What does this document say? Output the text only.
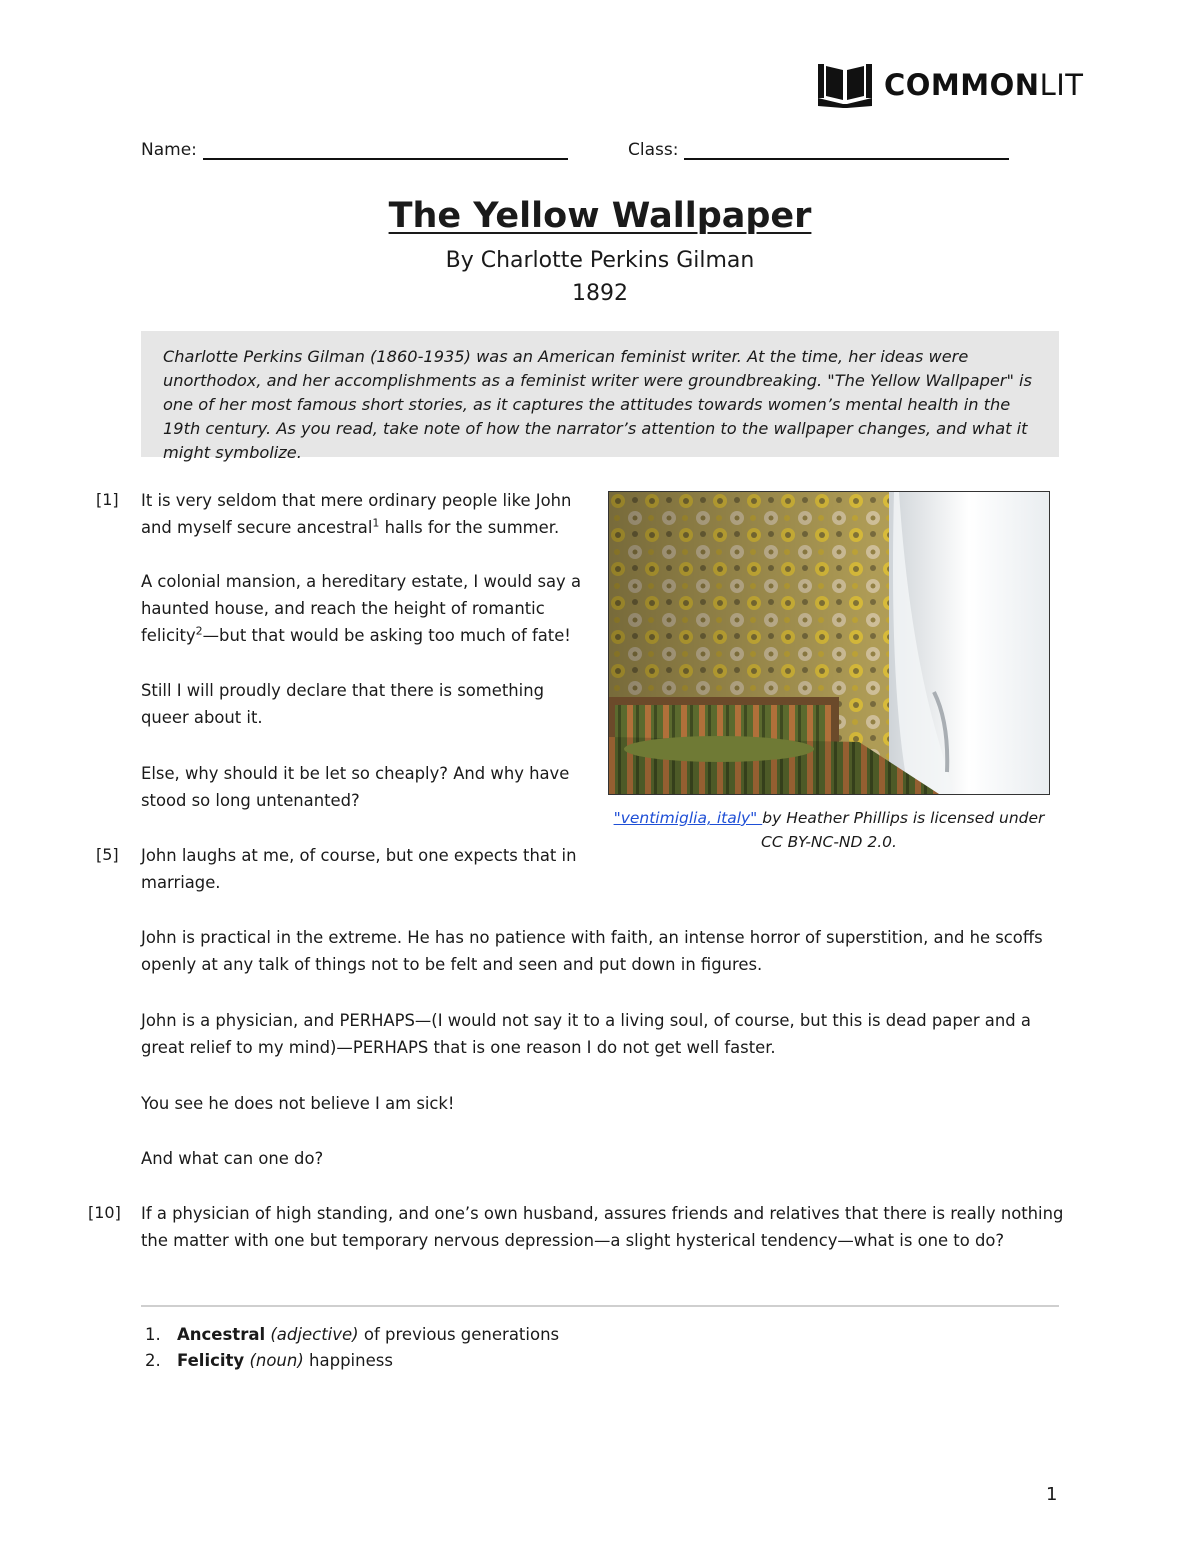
COMMONLIT
Name:	Class:
The Yellow Wallpaper
By Charlotte Perkins Gilman
1892
Charlotte Perkins Gilman (1860-1935) was an American feminist writer. At the time, her ideas were unorthodox, and her accomplishments as a feminist writer were groundbreaking. "The Yellow Wallpaper" is one of her most famous short stories, as it captures the attitudes towards women’s mental health in the 19th century. As you read, take note of how the narrator’s attention to the wallpaper changes, and what it might symbolize.
[1]
[5]
[10]
It is very seldom that mere ordinary people like John
and myself secure ancestral$^1$ halls for the summer.
A colonial mansion, a hereditary estate, I would say a
haunted house, and reach the height of romantic
felicity$^2$—but that would be asking too much of fate!
Still I will proudly declare that there is something
queer about it.
Else, why should it be let so cheaply? And why have
stood so long untenanted?
John laughs at me, of course, but one expects that in
marriage.
John is practical in the extreme. He has no patience with faith, an intense horror of superstition, and he scoffs
openly at any talk of things not to be felt and seen and put down in figures.
John is a physician, and PERHAPS—(I would not say it to a living soul, of course, but this is dead paper and a
great relief to my mind)—PERHAPS that is one reason I do not get well faster.
You see he does not believe I am sick!
And what can one do?
If a physician of high standing, and one’s own husband, assures friends and relatives that there is really nothing
the matter with one but temporary nervous depression—a slight hysterical tendency—what is one to do?
"ventimiglia, italy" by Heather Phillips is licensed under
CC BY-NC-ND 2.0.
1. Ancestral (adjective) of previous generations
2. Felicity (noun) happiness
1
